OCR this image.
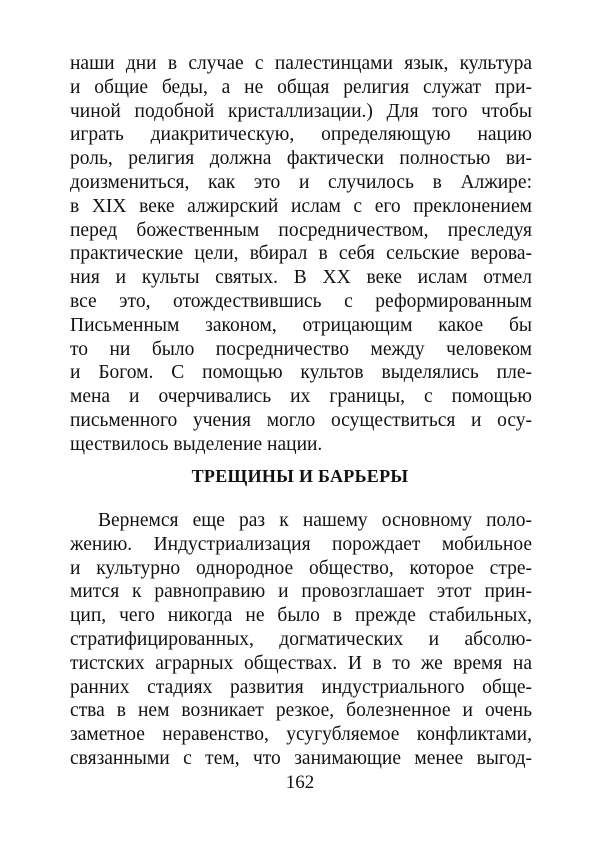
наши дни в случае с палестинцами язык, культура
и общие беды, а не общая религия служат при-
чиной подобной кристаллизации.) Для того чтобы
играть диакритическую, определяющую нацию
роль, религия должна фактически полностью ви-
доизмениться, как это и случилось в Алжире:
в XIX веке алжирский ислам с его преклонением
перед божественным посредничеством, преследуя
практические цели, вбирал в себя сельские верова-
ния и культы святых. В XX веке ислам отмел
все это, отождествившись с реформированным
Письменным законом, отрицающим какое бы
то ни было посредничество между человеком
и Богом. С помощью культов выделялись пле-
мена и очерчивались их границы, с помощью
письменного учения могло осуществиться и осу-
ществилось выделение нации.
ТРЕЩИНЫ И БАРЬЕРЫ
Вернемся еще раз к нашему основному поло-
жению. Индустриализация порождает мобильное
и культурно однородное общество, которое стре-
мится к равноправию и провозглашает этот прин-
цип, чего никогда не было в прежде стабильных,
стратифицированных, догматических и абсолю-
тистских аграрных обществах. И в то же время на
ранних стадиях развития индустриального обще-
ства в нем возникает резкое, болезненное и очень
заметное неравенство, усугубляемое конфликтами,
связанными с тем, что занимающие менее выгод-
162
